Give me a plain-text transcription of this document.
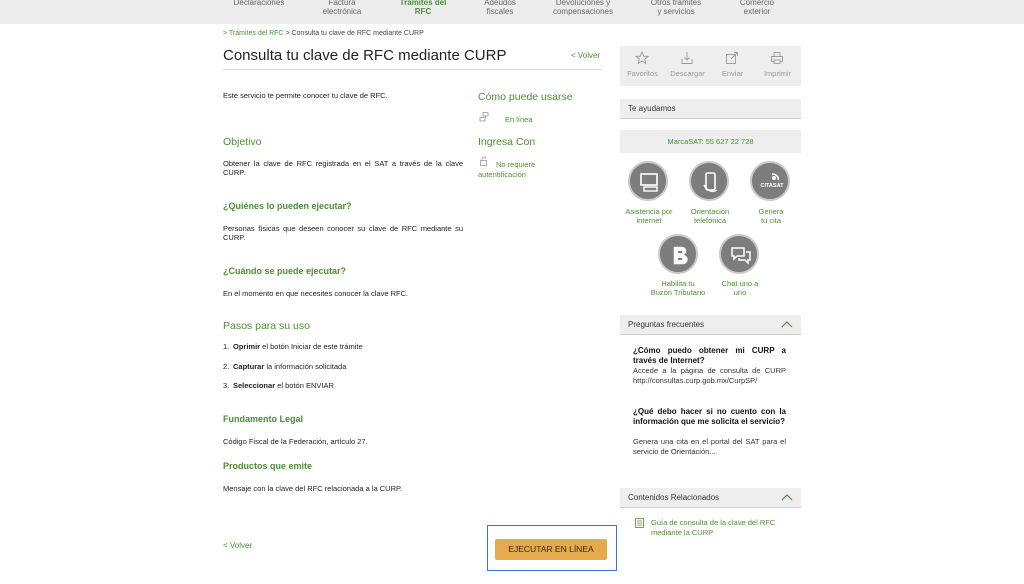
Declaraciones	Factura
electrónica
Trámites del
RFC
Adeudos
fiscales
Devoluciones y
compensaciones
Otros trámites
y servicios
Comercio
exterior
> Trámites del RFC > Consulta tu clave de RFC mediante CURP
Consulta tu clave de RFC mediante CURP	< Volver
Este servicio te permite conocer tu clave de RFC.
Objetivo
Obtener la clave de RFC registrada en el SAT a través de la clave CURP.
¿Quiénes lo pueden ejecutar?
Personas físicas que deseen conocer su clave de RFC mediante su CURP.
¿Cuándo se puede ejecutar?
En el momento en que necesites conocer la clave RFC.
Pasos para su uso
1. Oprimir el botón Iniciar de este trámite
2. Capturar la información solicitada
3. Seleccionar el botón ENVIAR
Fundamento Legal
Código Fiscal de la Federación, artículo 27.
Productos que emite
Mensaje con la clave del RFC relacionada a la CURP.
Cómo puede usarse
En línea
Ingresa Con
No requiere
autentificación
< Volver	EJECUTAR EN LÍNEA
Favoritos	Descargar	Enviar	Imprimir
Te ayudamos
MarcaSAT: 55 627 22 728
Asistencia por
internet
Orientación
telefónica
CITASAT
Genera
tu cita
Habilita tu
Buzón Tributario
Chat uno a
uno
Preguntas frecuentes
¿Cómo puedo obtener mi CURP a través de Internet?
Accede a la página de consulta de CURP http://consultas.curp.gob.mx/CurpSP/
¿Qué debo hacer si no cuento con la información que me solicita el servicio?
Genera una cita en el portal del SAT para el servicio de Orientación...
Contenidos Relacionados
Guía de consulta de la clave del RFC mediante la CURP
